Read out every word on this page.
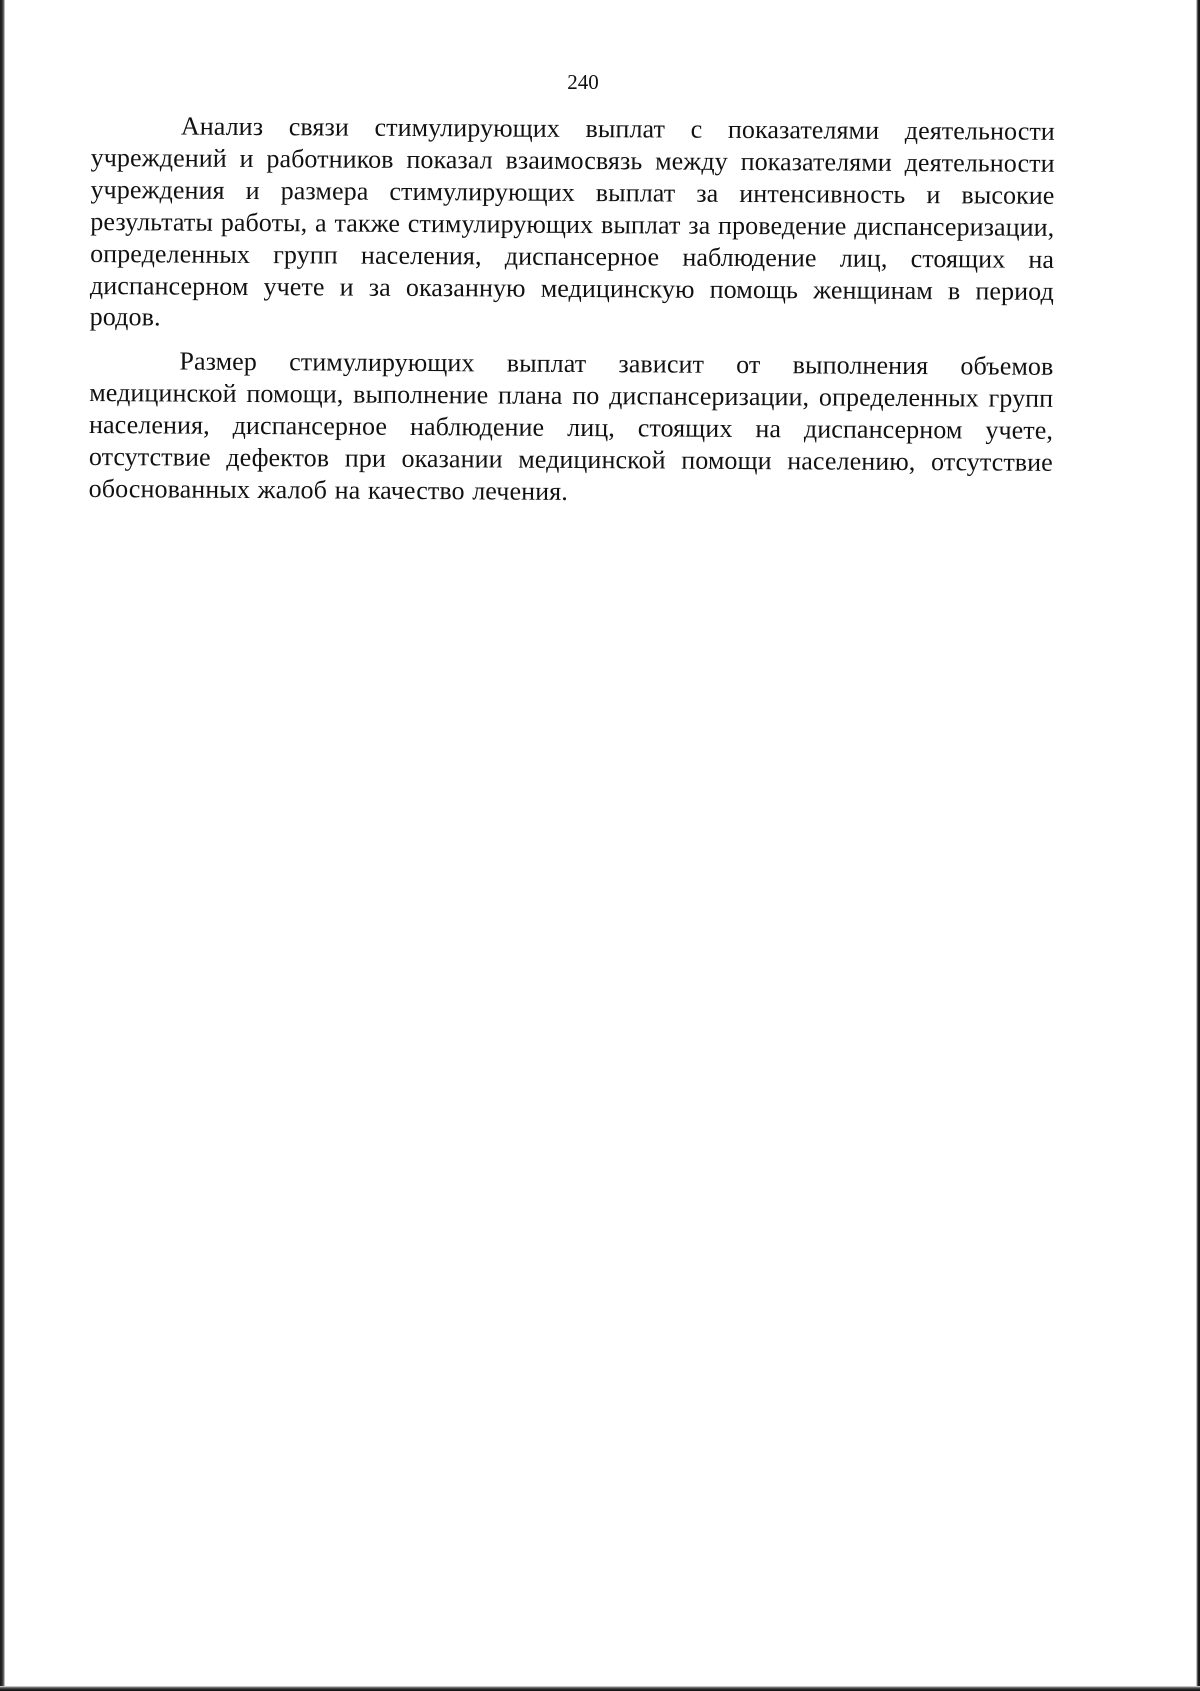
240

Анализ связи стимулирующих выплат с показателями деятельности учреждений и работников показал взаимосвязь между показателями деятельности учреждения и размера стимулирующих выплат за интенсивность и высокие результаты работы, а также стимулирующих выплат за проведение диспансеризации, определенных групп населения, диспансерное наблюдение лиц, стоящих на диспансерном учете и за оказанную медицинскую помощь женщинам в период родов.

Размер стимулирующих выплат зависит от выполнения объемов медицинской помощи, выполнение плана по диспансеризации, определенных групп населения, диспансерное наблюдение лиц, стоящих на диспансерном учете, отсутствие дефектов при оказании медицинской помощи населению, отсутствие обоснованных жалоб на качество лечения.
